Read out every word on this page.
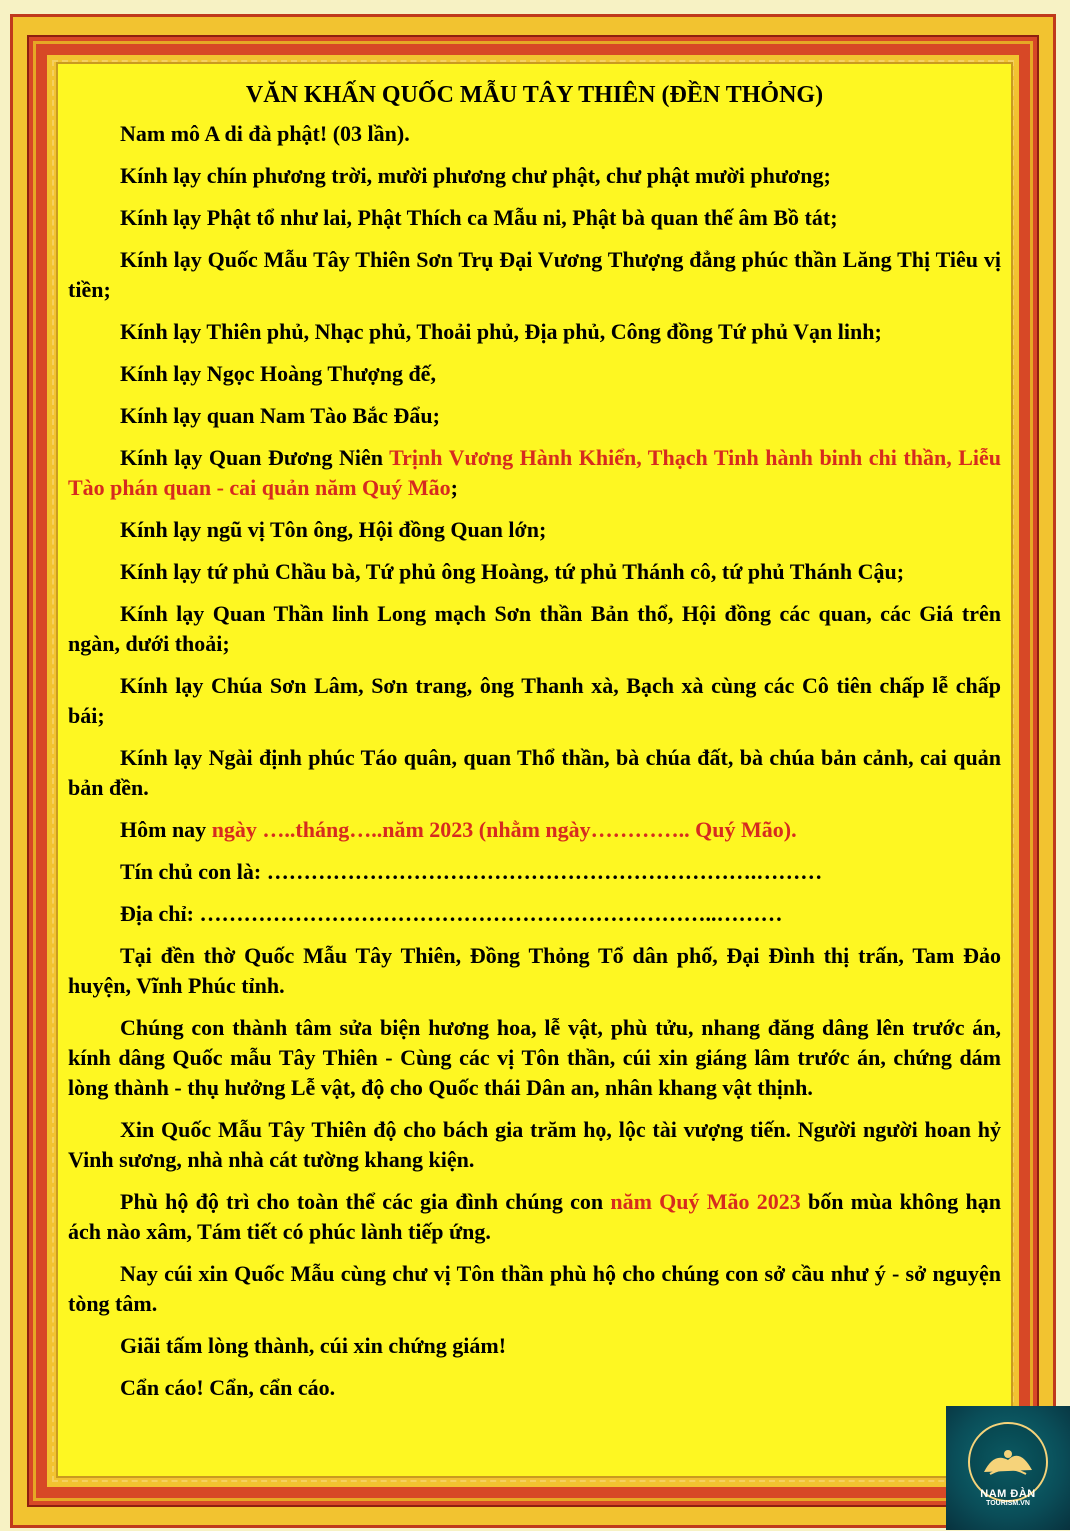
VĂN KHẤN QUỐC MẪU TÂY THIÊN (ĐỀN THỎNG)

Nam mô A di đà phật! (03 lần).

Kính lạy chín phương trời, mười phương chư phật, chư phật mười phương;

Kính lạy Phật tổ như lai, Phật Thích ca Mẫu ni, Phật bà quan thế âm Bồ tát;

Kính lạy Quốc Mẫu Tây Thiên Sơn Trụ Đại Vương Thượng đẳng phúc thần Lăng Thị Tiêu vị tiền;

Kính lạy Thiên phủ, Nhạc phủ, Thoải phủ, Địa phủ, Công đồng Tứ phủ Vạn linh;

Kính lạy Ngọc Hoàng Thượng đế,

Kính lạy quan Nam Tào Bắc Đẩu;

Kính lạy Quan Đương Niên Trịnh Vương Hành Khiển, Thạch Tinh hành binh chi thần, Liễu Tào phán quan - cai quản năm Quý Mão;

Kính lạy ngũ vị Tôn ông, Hội đồng Quan lớn;

Kính lạy tứ phủ Chầu bà, Tứ phủ ông Hoàng, tứ phủ Thánh cô, tứ phủ Thánh Cậu;

Kính lạy Quan Thần linh Long mạch Sơn thần Bản thổ, Hội đồng các quan, các Giá trên ngàn, dưới thoải;

Kính lạy Chúa Sơn Lâm, Sơn trang, ông Thanh xà, Bạch xà cùng các Cô tiên chấp lễ chấp bái;

Kính lạy Ngài định phúc Táo quân, quan Thổ thần, bà chúa đất, bà chúa bản cảnh, cai quản bản đền.

Hôm nay ngày …..tháng…..năm 2023 (nhằm ngày………….. Quý Mão).

Tín chủ con là: ………………………………………………………….………

Địa chỉ: ……………………………………………………………..………

Tại đền thờ Quốc Mẫu Tây Thiên, Đồng Thỏng Tổ dân phố, Đại Đình thị trấn, Tam Đảo huyện, Vĩnh Phúc tỉnh.

Chúng con thành tâm sửa biện hương hoa, lễ vật, phù tửu, nhang đăng dâng lên trước án, kính dâng Quốc mẫu Tây Thiên - Cùng các vị Tôn thần, cúi xin giáng lâm trước án, chứng dám lòng thành - thụ hưởng Lễ vật, độ cho Quốc thái Dân an, nhân khang vật thịnh.

Xin Quốc Mẫu Tây Thiên độ cho bách gia trăm họ, lộc tài vượng tiến. Người người hoan hỷ Vinh sương, nhà nhà cát tường khang kiện.

Phù hộ độ trì cho toàn thể các gia đình chúng con năm Quý Mão 2023 bốn mùa không hạn ách nào xâm, Tám tiết có phúc lành tiếp ứng.

Nay cúi xin Quốc Mẫu cùng chư vị Tôn thần phù hộ cho chúng con sở cầu như ý - sở nguyện tòng tâm.

Giãi tấm lòng thành, cúi xin chứng giám!

Cẩn cáo! Cẩn, cẩn cáo.

NAM ĐÀN
TOURISM.VN
